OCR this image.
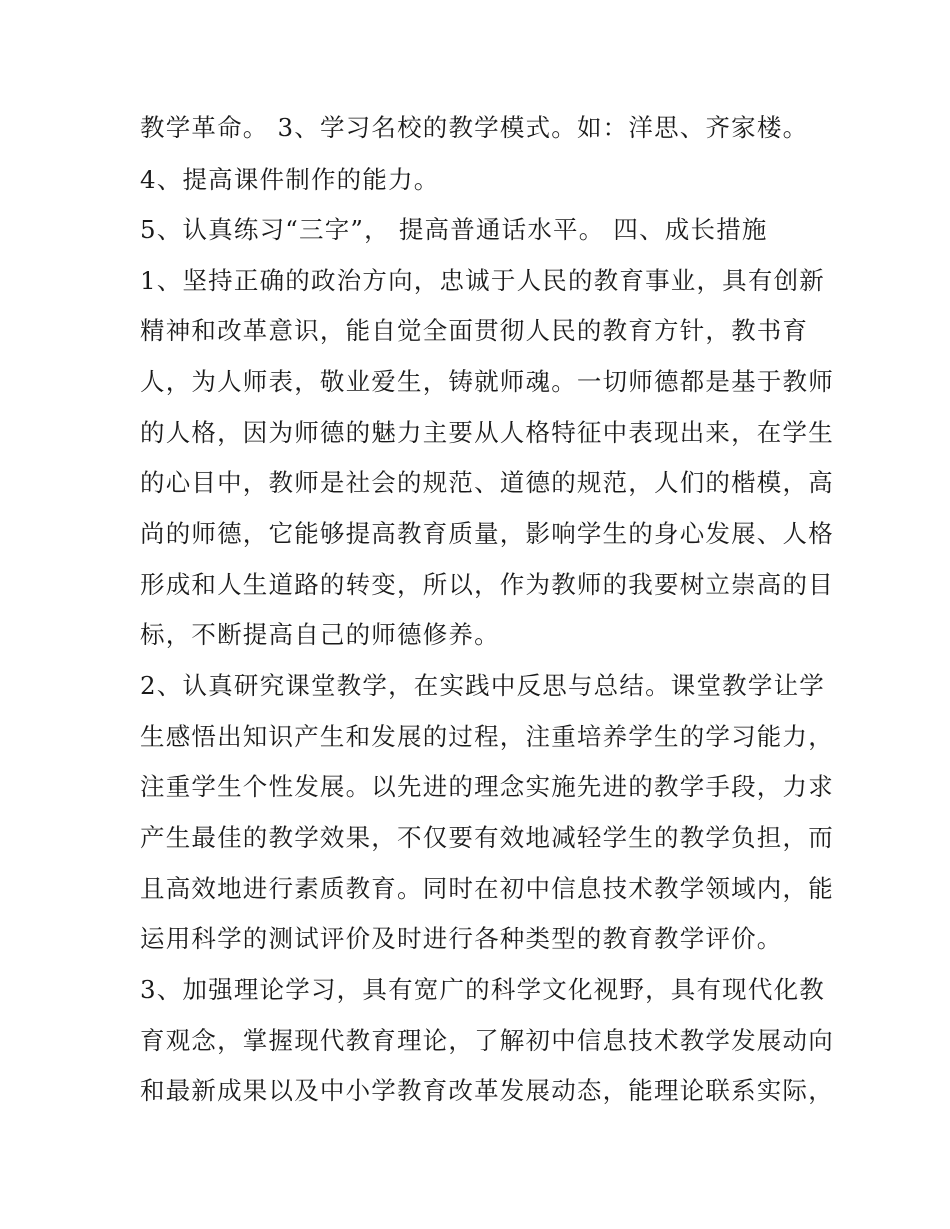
教学革命。 3、学习名校的教学模式。如：洋思、齐家楼。
4、提高课件制作的能力。
5、认真练习“三字”， 提高普通话水平。 四、成长措施
1、坚持正确的政治方向，忠诚于人民的教育事业，具有创新
精神和改革意识，能自觉全面贯彻人民的教育方针，教书育
人，为人师表，敬业爱生，铸就师魂。一切师德都是基于教师
的人格，因为师德的魅力主要从人格特征中表现出来，在学生
的心目中，教师是社会的规范、道德的规范，人们的楷模，高
尚的师德，它能够提高教育质量，影响学生的身心发展、人格
形成和人生道路的转变，所以，作为教师的我要树立崇高的目
标，不断提高自己的师德修养。
2、认真研究课堂教学，在实践中反思与总结。课堂教学让学
生感悟出知识产生和发展的过程，注重培养学生的学习能力，
注重学生个性发展。以先进的理念实施先进的教学手段，力求
产生最佳的教学效果，不仅要有效地减轻学生的教学负担，而
且高效地进行素质教育。同时在初中信息技术教学领域内，能
运用科学的测试评价及时进行各种类型的教育教学评价。
3、加强理论学习，具有宽广的科学文化视野，具有现代化教
育观念，掌握现代教育理论，了解初中信息技术教学发展动向
和最新成果以及中小学教育改革发展动态，能理论联系实际，
